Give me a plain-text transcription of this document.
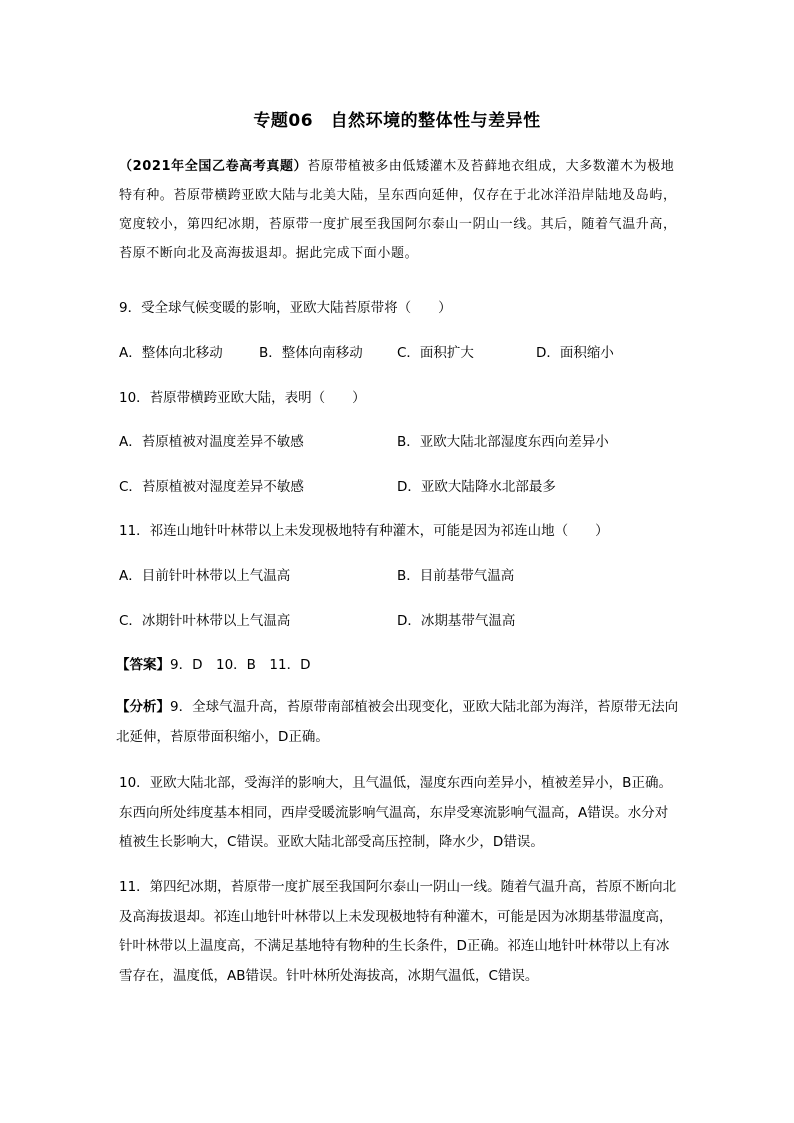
专题06　自然环境的整体性与差异性
（2021年全国乙卷高考真题）苔原带植被多由低矮灌木及苔藓地衣组成，大多数灌木为极地特有种。苔原带横跨亚欧大陆与北美大陆，呈东西向延伸，仅存在于北冰洋沿岸陆地及岛屿，宽度较小，第四纪冰期，苔原带一度扩展至我国阿尔泰山一阴山一线。其后，随着气温升高，苔原不断向北及高海拔退却。据此完成下面小题。
9．受全球气候变暖的影响，亚欧大陆苔原带将（　　）
A．整体向北移动	B．整体向南移动	C．面积扩大	D．面积缩小
10．苔原带横跨亚欧大陆，表明（　　）
A．苔原植被对温度差异不敏感	B．亚欧大陆北部湿度东西向差异小
C．苔原植被对湿度差异不敏感	D．亚欧大陆降水北部最多
11．祁连山地针叶林带以上未发现极地特有种灌木，可能是因为祁连山地（　　）
A．目前针叶林带以上气温高	B．目前基带气温高
C．冰期针叶林带以上气温高	D．冰期基带气温高
【答案】9．D　10．B　11．D
【分析】9．全球气温升高，苔原带南部植被会出现变化，亚欧大陆北部为海洋，苔原带无法向北延伸，苔原带面积缩小，D正确。
10．亚欧大陆北部，受海洋的影响大，且气温低，湿度东西向差异小，植被差异小，B正确。东西向所处纬度基本相同，西岸受暖流影响气温高，东岸受寒流影响气温高，A错误。水分对植被生长影响大，C错误。亚欧大陆北部受高压控制，降水少，D错误。
11．第四纪冰期，苔原带一度扩展至我国阿尔泰山一阴山一线。随着气温升高，苔原不断向北及高海拔退却。祁连山地针叶林带以上未发现极地特有种灌木，可能是因为冰期基带温度高，针叶林带以上温度高，不满足基地特有物种的生长条件，D正确。祁连山地针叶林带以上有冰雪存在，温度低，AB错误。针叶林所处海拔高，冰期气温低，C错误。
